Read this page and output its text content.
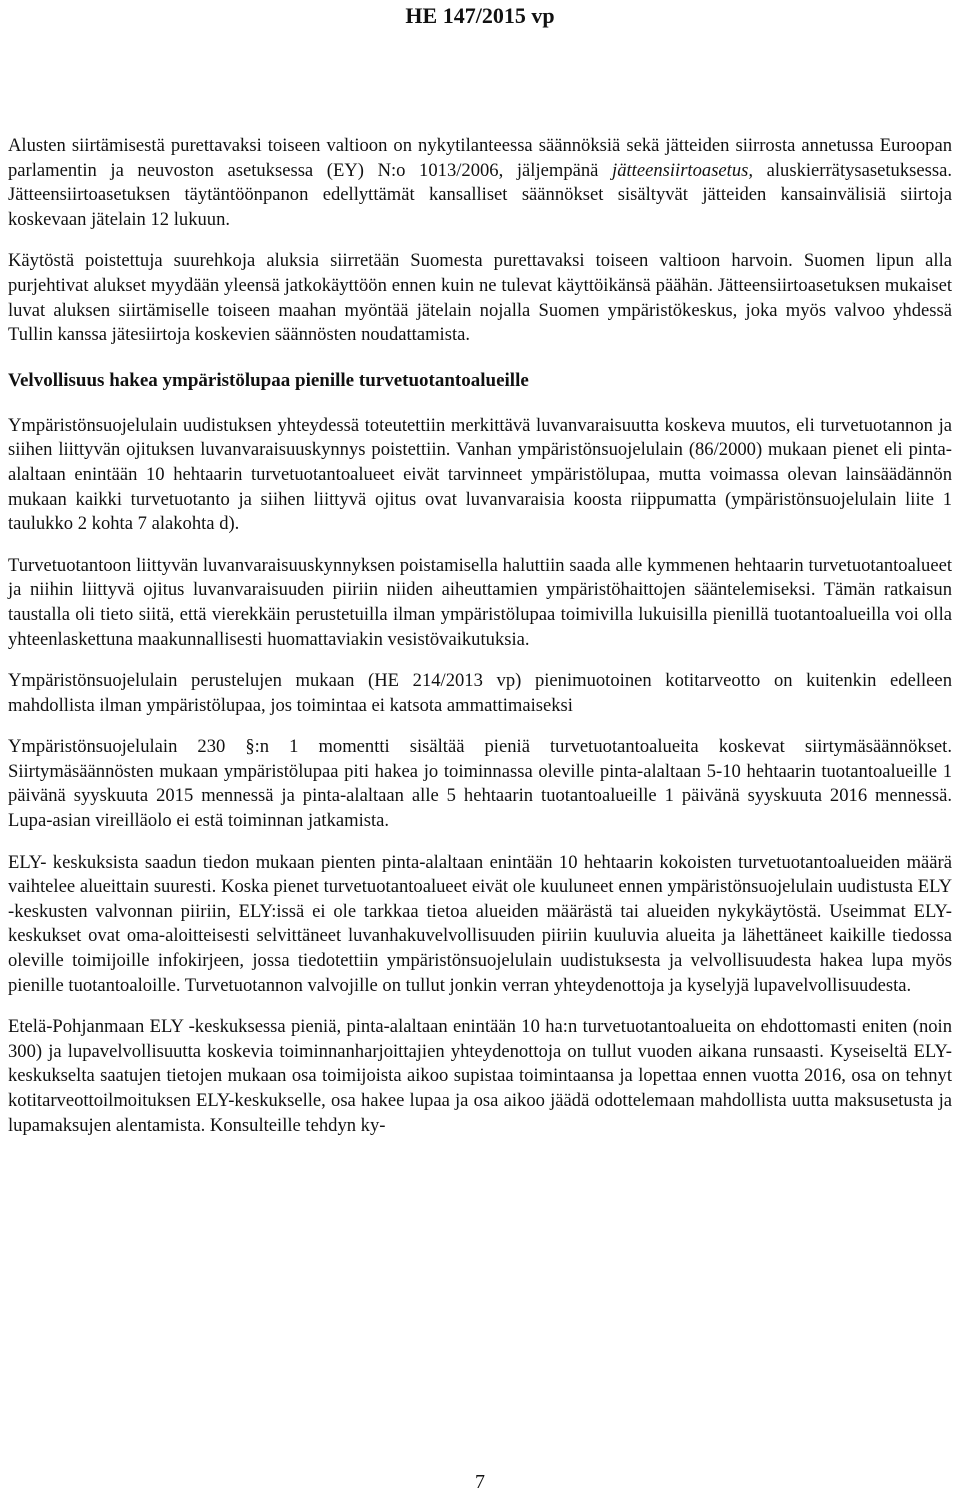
HE 147/2015 vp

Alusten siirtämisestä purettavaksi toiseen valtioon on nykytilanteessa säännöksiä sekä jätteiden siirrosta annetussa Euroopan parlamentin ja neuvoston asetuksessa (EY) N:o 1013/2006, jäljempänä jätteensiirtoasetus, aluskierrätysasetuksessa. Jätteensiirtoasetuksen täytäntöönpanon edellyttämät kansalliset säännökset sisältyvät jätteiden kansainvälisiä siirtoja koskevaan jätelain 12 lukuun.

Käytöstä poistettuja suurehkoja aluksia siirretään Suomesta purettavaksi toiseen valtioon harvoin. Suomen lipun alla purjehtivat alukset myydään yleensä jatkokäyttöön ennen kuin ne tulevat käyttöikänsä päähän. Jätteensiirtoasetuksen mukaiset luvat aluksen siirtämiselle toiseen maahan myöntää jätelain nojalla Suomen ympäristökeskus, joka myös valvoo yhdessä Tullin kanssa jätesiirtoja koskevien säännösten noudattamista.

Velvollisuus hakea ympäristölupaa pienille turvetuotantoalueille

Ympäristönsuojelulain uudistuksen yhteydessä toteutettiin merkittävä luvanvaraisuutta koskeva muutos, eli turvetuotannon ja siihen liittyvän ojituksen luvanvaraisuuskynnys poistettiin. Vanhan ympäristönsuojelulain (86/2000) mukaan pienet eli pinta-alaltaan enintään 10 hehtaarin turvetuotantoalueet eivät tarvinneet ympäristölupaa, mutta voimassa olevan lainsäädännön mukaan kaikki turvetuotanto ja siihen liittyvä ojitus ovat luvanvaraisia koosta riippumatta (ympäristönsuojelulain liite 1 taulukko 2 kohta 7 alakohta d).

Turvetuotantoon liittyvän luvanvaraisuuskynnyksen poistamisella haluttiin saada alle kymmenen hehtaarin turvetuotantoalueet ja niihin liittyvä ojitus luvanvaraisuuden piiriin niiden aiheuttamien ympäristöhaittojen sääntelemiseksi. Tämän ratkaisun taustalla oli tieto siitä, että vierekkäin perustetuilla ilman ympäristölupaa toimivilla lukuisilla pienillä tuotantoalueilla voi olla yhteenlaskettuna maakunnallisesti huomattaviakin vesistövaikutuksia.

Ympäristönsuojelulain perustelujen mukaan (HE 214/2013 vp) pienimuotoinen kotitarveotto on kuitenkin edelleen mahdollista ilman ympäristölupaa, jos toimintaa ei katsota ammattimaiseksi

Ympäristönsuojelulain 230 §:n 1 momentti sisältää pieniä turvetuotantoalueita koskevat siirtymäsäännökset. Siirtymäsäännösten mukaan ympäristölupaa piti hakea jo toiminnassa olevillе pinta-alaltaan 5-10 hehtaarin tuotantoalueille 1 päivänä syyskuuta 2015 mennessä ja pinta-alaltaan alle 5 hehtaarin tuotantoalueille 1 päivänä syyskuuta 2016 mennessä. Lupa-asian vireilläolo ei estä toiminnan jatkamista.

ELY- keskuksista saadun tiedon mukaan pienten pinta-alaltaan enintään 10 hehtaarin kokoisten turvetuotantoalueiden määrä vaihtelee alueittain suuresti. Koska pienet turvetuotantoalueet eivät ole kuuluneet ennen ympäristönsuojelulain uudistusta ELY -keskusten valvonnan piiriin, ELY:issä ei ole tarkkaa tietoa alueiden määrästä tai alueiden nykykäytöstä. Useimmat ELY-keskukset ovat oma-aloitteisesti selvittäneet luvanhakuvelvollisuuden piiriin kuuluvia alueita ja lähettäneet kaikille tiedossa oleville toimijoille infokirjeen, jossa tiedotettiin ympäristönsuojelulain uudistuksesta ja velvollisuudesta hakea lupa myös pienille tuotantoaloille. Turvetuotannon valvojille on tullut jonkin verran yhteydenottoja ja kyselyjä lupavelvollisuudesta.

Etelä-Pohjanmaan ELY -keskuksessa pieniä, pinta-alaltaan enintään 10 ha:n turvetuotantoalueita on ehdottomasti eniten (noin 300) ja lupavelvollisuutta koskevia toiminnanharjoittajien yhteydenottoja on tullut vuoden aikana runsaasti. Kyseiseltä ELY- keskukselta saatujen tietojen mukaan osa toimijoista aikoo supistaa toimintaansa ja lopettaa ennen vuotta 2016, osa on tehnyt kotitarveottoilmoituksen ELY-keskukselle, osa hakee lupaa ja osa aikoo jäädä odottelemaan mahdollista uutta maksusetusta ja lupamaksujen alentamista. Konsulteille tehdyn ky-

7
